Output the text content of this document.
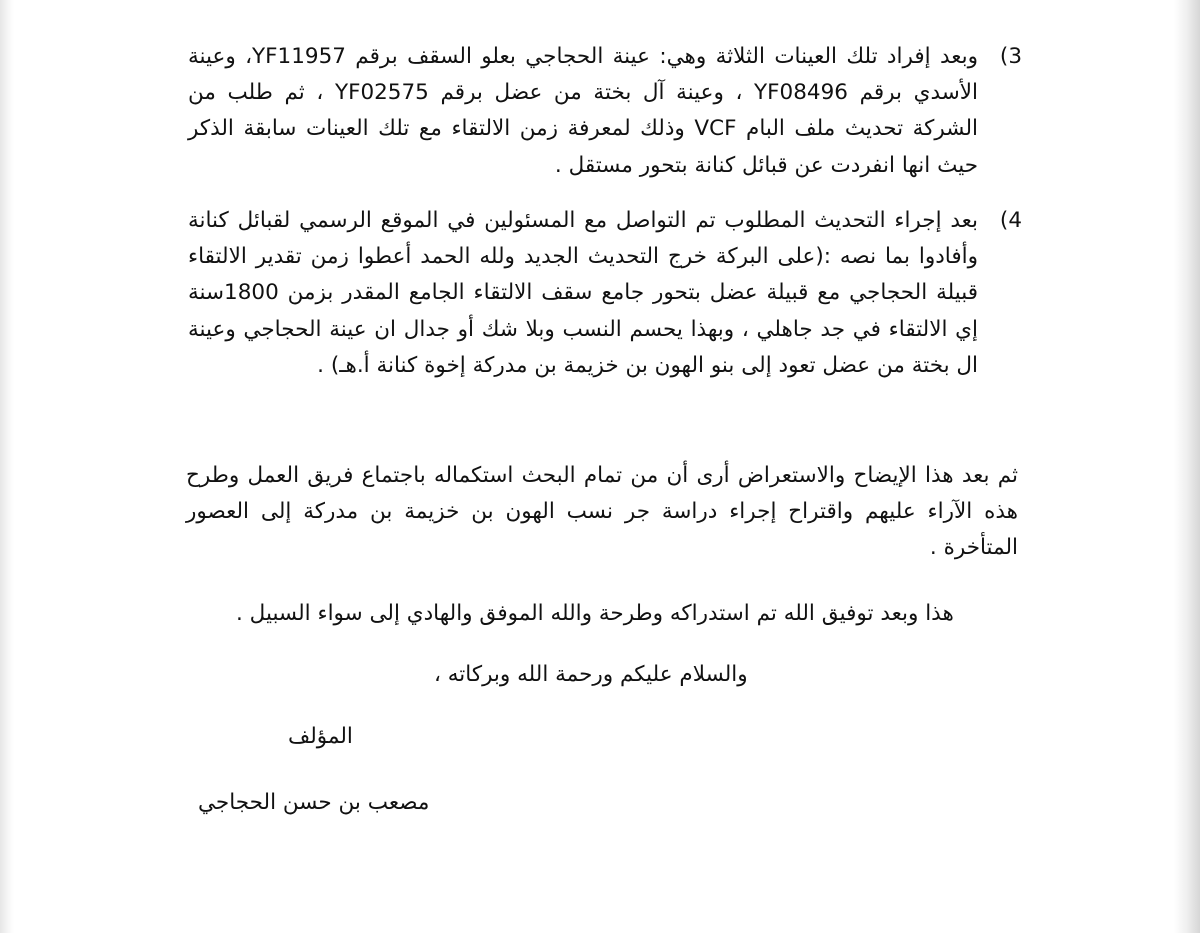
3)
وبعد إفراد تلك العينات الثلاثة وهي: عينة الحجاجي بعلو السقف برقم YF11957، وعينة الأسدي برقم YF08496 ، وعينة آل بختة من عضل برقم YF02575 ، ثم طلب من الشركة تحديث ملف البام VCF وذلك لمعرفة زمن الالتقاء مع تلك العينات سابقة الذكر حيث انها انفردت عن قبائل كنانة بتحور مستقل .
4)
بعد إجراء التحديث المطلوب تم التواصل مع المسئولين في الموقع الرسمي لقبائل كنانة وأفادوا بما نصه :(على البركة خرج التحديث الجديد ولله الحمد أعطوا زمن تقدير الالتقاء قبيلة الحجاجي مع قبيلة عضل بتحور جامع سقف الالتقاء الجامع المقدر بزمن 1800سنة إي الالتقاء في جد جاهلي ، وبهذا يحسم النسب وبلا شك أو جدال ان عينة الحجاجي وعينة ال بختة من عضل تعود إلى بنو الهون بن خزيمة بن مدركة إخوة كنانة أ.هـ) .
ثم بعد هذا الإيضاح والاستعراض أرى أن من تمام البحث استكماله باجتماع فريق العمل وطرح هذه الآراء عليهم واقتراح إجراء دراسة جر نسب الهون بن خزيمة بن مدركة إلى العصور المتأخرة .
هذا وبعد توفيق الله تم استدراكه وطرحة والله الموفق والهادي إلى سواء السبيل .
والسلام عليكم ورحمة الله وبركاته ،
المؤلف
مصعب بن حسن الحجاجي
